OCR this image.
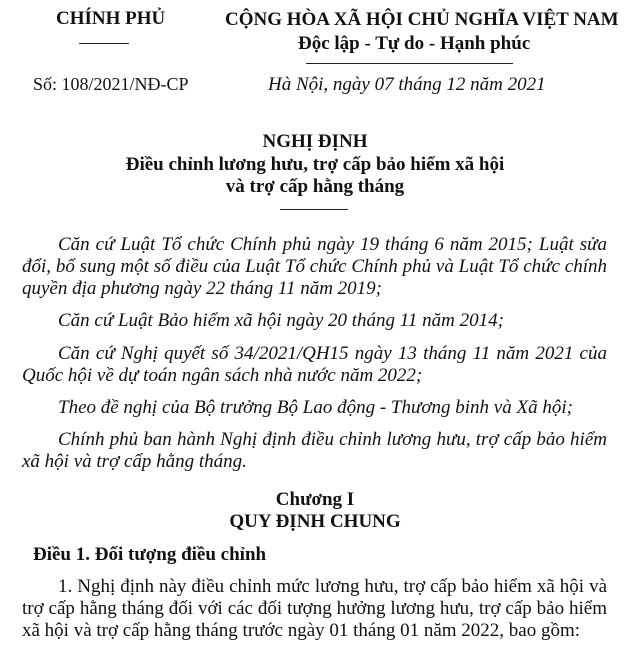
CHÍNH PHỦ	CỘNG HÒA XÃ HỘI CHỦ NGHĨA VIỆT NAM
Độc lập - Tự do - Hạnh phúc
Số: 108/2021/NĐ-CP	Hà Nội, ngày 07 tháng 12 năm 2021
NGHỊ ĐỊNH
Điều chỉnh lương hưu, trợ cấp bảo hiểm xã hội
và trợ cấp hằng tháng
Căn cứ Luật Tổ chức Chính phủ ngày 19 tháng 6 năm 2015; Luật sửa đổi, bổ sung một số điều của Luật Tổ chức Chính phủ và Luật Tổ chức chính quyền địa phương ngày 22 tháng 11 năm 2019;
Căn cứ Luật Bảo hiểm xã hội ngày 20 tháng 11 năm 2014;
Căn cứ Nghị quyết số 34/2021/QH15 ngày 13 tháng 11 năm 2021 của Quốc hội về dự toán ngân sách nhà nước năm 2022;
Theo đề nghị của Bộ trưởng Bộ Lao động - Thương binh và Xã hội;
Chính phủ ban hành Nghị định điều chỉnh lương hưu, trợ cấp bảo hiểm xã hội và trợ cấp hằng tháng.
Chương I
QUY ĐỊNH CHUNG
Điều 1. Đối tượng điều chỉnh
1. Nghị định này điều chỉnh mức lương hưu, trợ cấp bảo hiểm xã hội và trợ cấp hằng tháng đối với các đối tượng hưởng lương hưu, trợ cấp bảo hiểm xã hội và trợ cấp hằng tháng trước ngày 01 tháng 01 năm 2022, bao gồm:
